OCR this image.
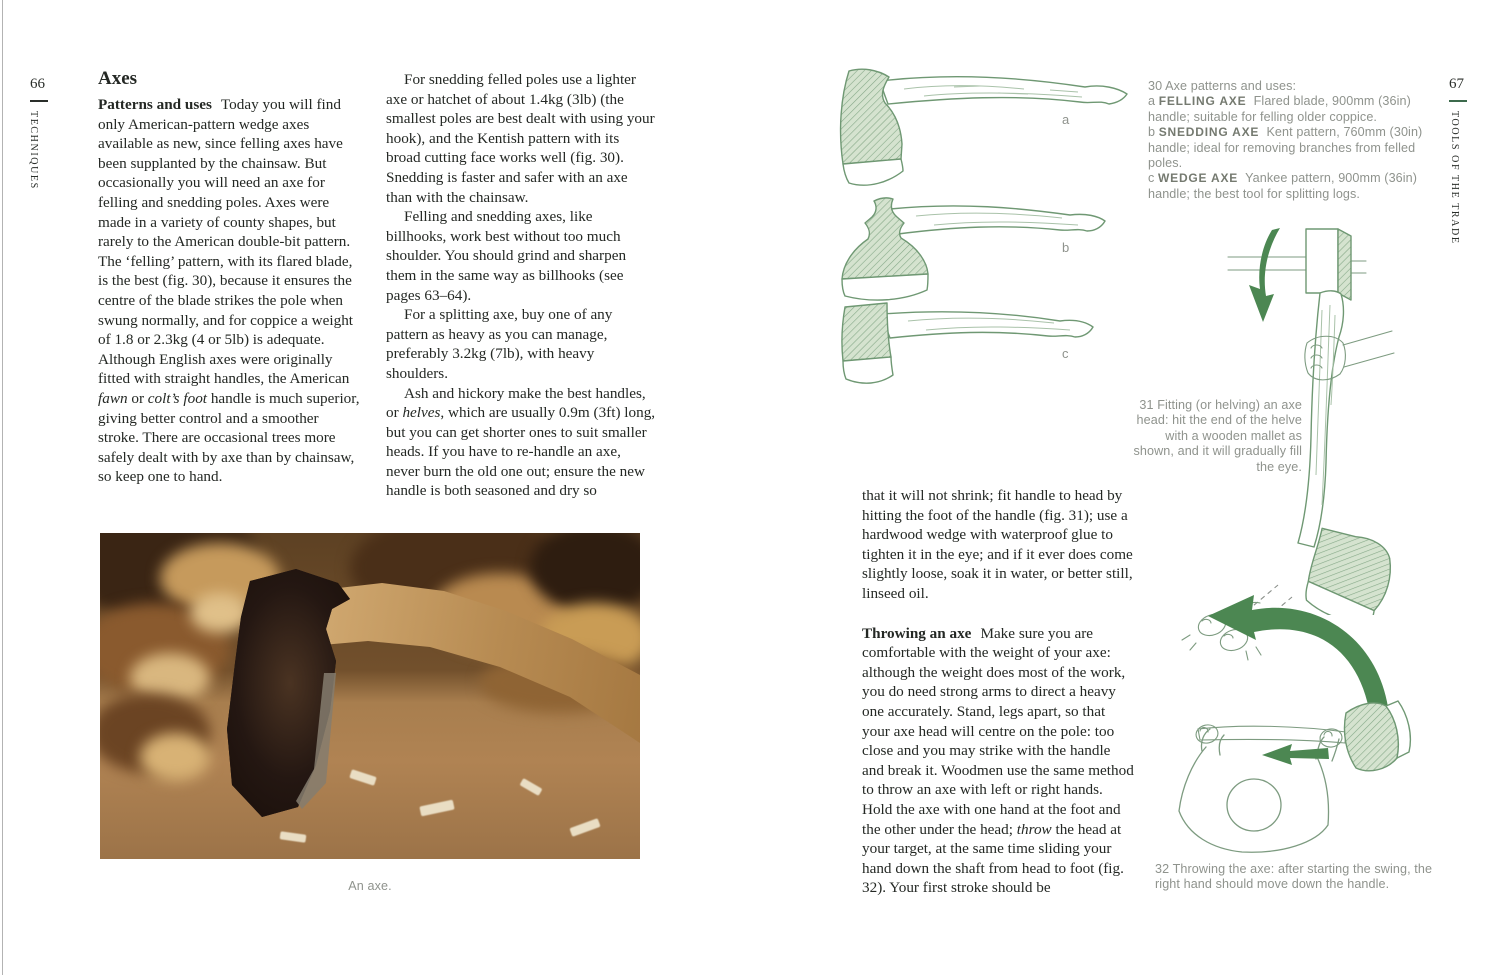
66
TECHNIQUES
Axes

Patterns and uses Today you will find only American-pattern wedge axes available as new, since felling axes have been supplanted by the chainsaw. But occasionally you will need an axe for felling and snedding poles. Axes were made in a variety of county shapes, but rarely to the American double-bit pattern. The ‘felling’ pattern, with its flared blade, is the best (fig. 30), because it ensures the centre of the blade strikes the pole when swung normally, and for coppice a weight of 1.8 or 2.3kg (4 or 5lb) is adequate. Although English axes were originally fitted with straight handles, the American fawn or colt’s foot handle is much superior, giving better control and a smoother stroke. There are occasional trees more safely dealt with by axe than by chainsaw, so keep one to hand.

For snedding felled poles use a lighter axe or hatchet of about 1.4kg (3lb) (the smallest poles are best dealt with using your hook), and the Kentish pattern with its broad cutting face works well (fig. 30). Snedding is faster and safer with an axe than with the chainsaw.

Felling and snedding axes, like billhooks, work best without too much shoulder. You should grind and sharpen them in the same way as billhooks (see pages 63–64).

For a splitting axe, buy one of any pattern as heavy as you can manage, preferably 3.2kg (7lb), with heavy shoulders.

Ash and hickory make the best handles, or helves, which are usually 0.9m (3ft) long, but you can get shorter ones to suit smaller heads. If you have to re-handle an axe, never burn the old one out; ensure the new handle is both seasoned and dry so

An axe.
67
TOOLS OF THE TRADE
a
b
c
30 Axe patterns and uses:
a FELLING AXE Flared blade, 900mm (36in) handle; suitable for felling older coppice.
b SNEDDING AXE Kent pattern, 760mm (30in) handle; ideal for removing branches from felled poles.
c WEDGE AXE Yankee pattern, 900mm (36in) handle; the best tool for splitting logs.
31 Fitting (or helving) an axe head: hit the end of the helve with a wooden mallet as shown, and it will gradually fill the eye.

that it will not shrink; fit handle to head by hitting the foot of the handle (fig. 31); use a hardwood wedge with waterproof glue to tighten it in the eye; and if it ever does come slightly loose, soak it in water, or better still, linseed oil.

Throwing an axe Make sure you are comfortable with the weight of your axe: although the weight does most of the work, you do need strong arms to direct a heavy one accurately. Stand, legs apart, so that your axe head will centre on the pole: too close and you may strike with the handle and break it. Woodmen use the same method to throw an axe with left or right hands. Hold the axe with one hand at the foot and the other under the head; throw the head at your target, at the same time sliding your hand down the shaft from head to foot (fig. 32). Your first stroke should be

32 Throwing the axe: after starting the swing, the right hand should move down the handle.
